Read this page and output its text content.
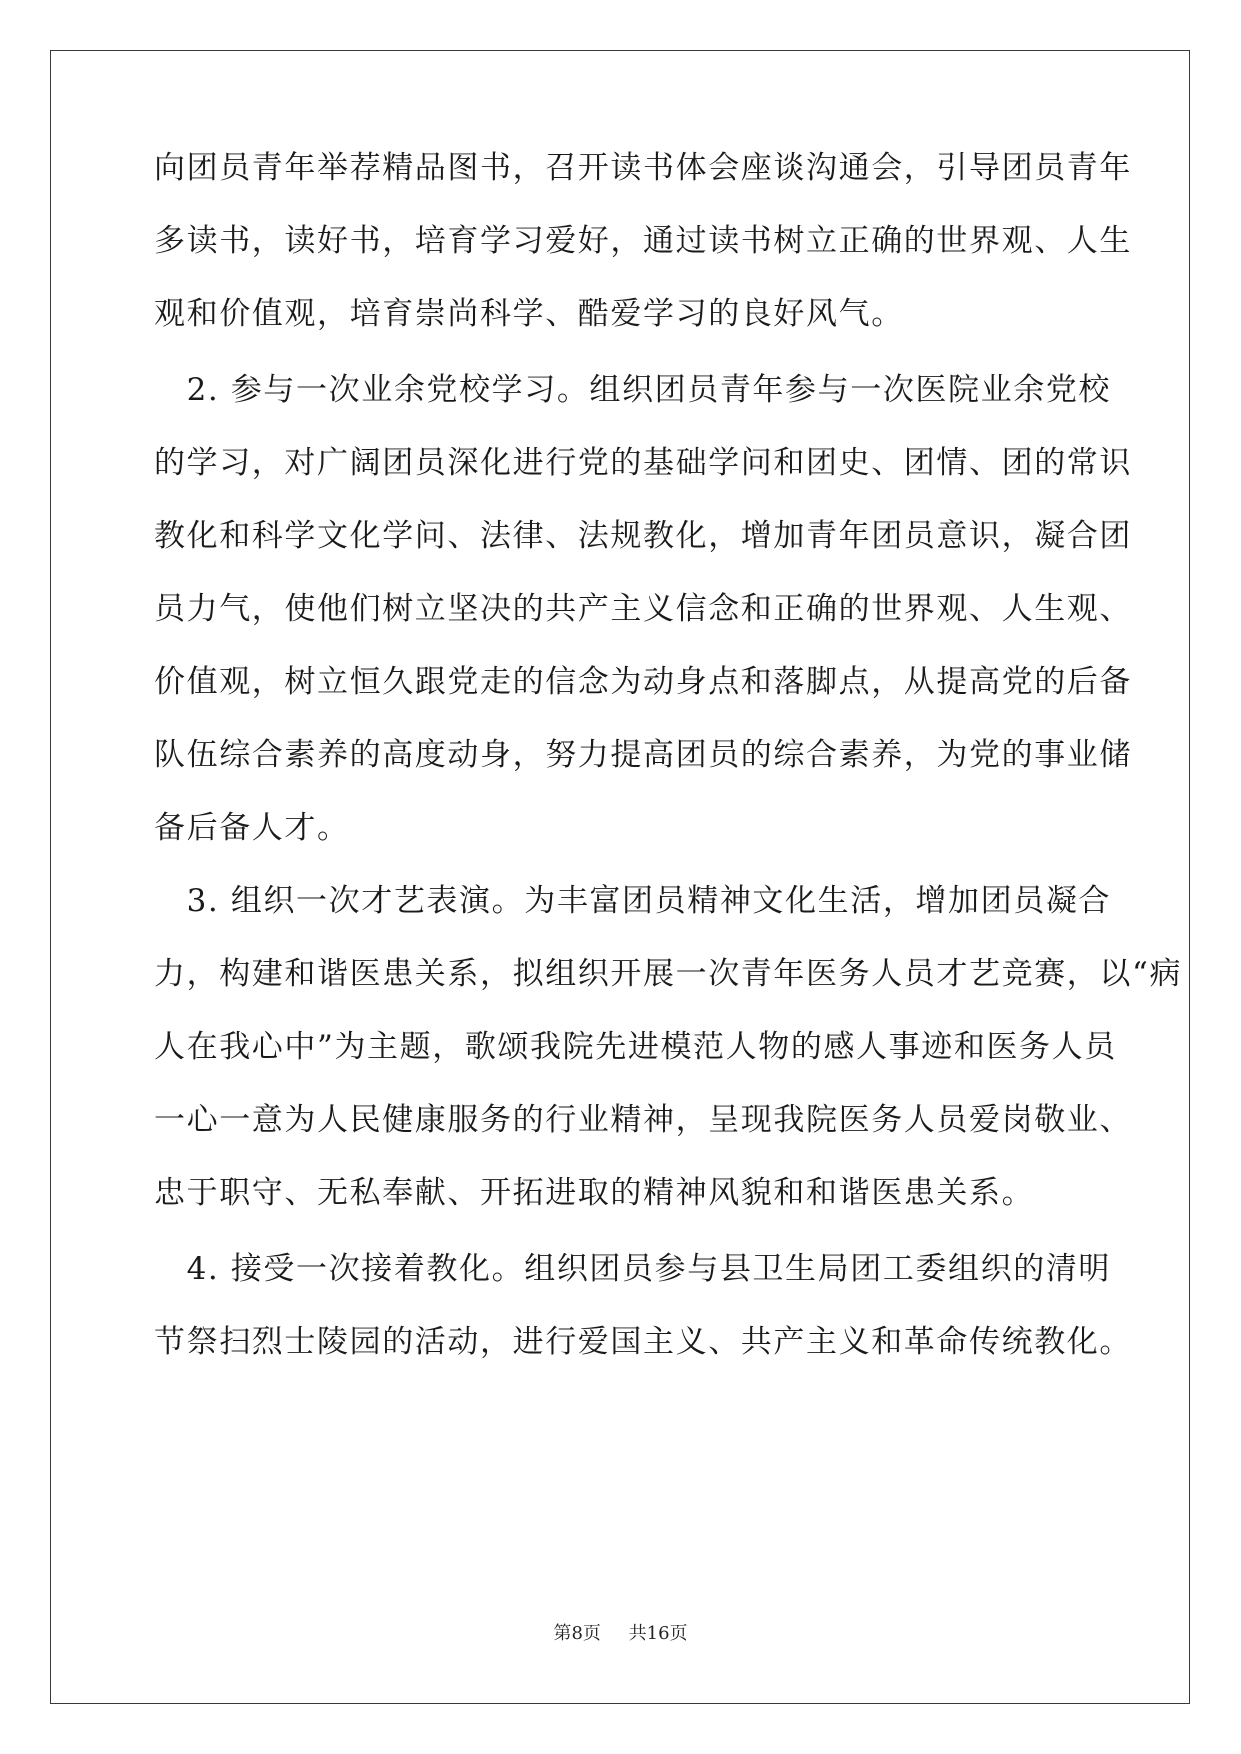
向团员青年举荐精品图书，召开读书体会座谈沟通会，引导团员青年
多读书，读好书，培育学习爱好，通过读书树立正确的世界观、人生
观和价值观，培育崇尚科学、酷爱学习的良好风气。
　2. 参与一次业余党校学习。组织团员青年参与一次医院业余党校
的学习，对广阔团员深化进行党的基础学问和团史、团情、团的常识
教化和科学文化学问、法律、法规教化，增加青年团员意识，凝合团
员力气，使他们树立坚决的共产主义信念和正确的世界观、人生观、
价值观，树立恒久跟党走的信念为动身点和落脚点，从提高党的后备
队伍综合素养的高度动身，努力提高团员的综合素养，为党的事业储
备后备人才。
　3. 组织一次才艺表演。为丰富团员精神文化生活，增加团员凝合
力，构建和谐医患关系，拟组织开展一次青年医务人员才艺竞赛，以“病
人在我心中”为主题，歌颂我院先进模范人物的感人事迹和医务人员
一心一意为人民健康服务的行业精神，呈现我院医务人员爱岗敬业、
忠于职守、无私奉献、开拓进取的精神风貌和和谐医患关系。
　4. 接受一次接着教化。组织团员参与县卫生局团工委组织的清明
节祭扫烈士陵园的活动，进行爱国主义、共产主义和革命传统教化。
第8页 共16页
